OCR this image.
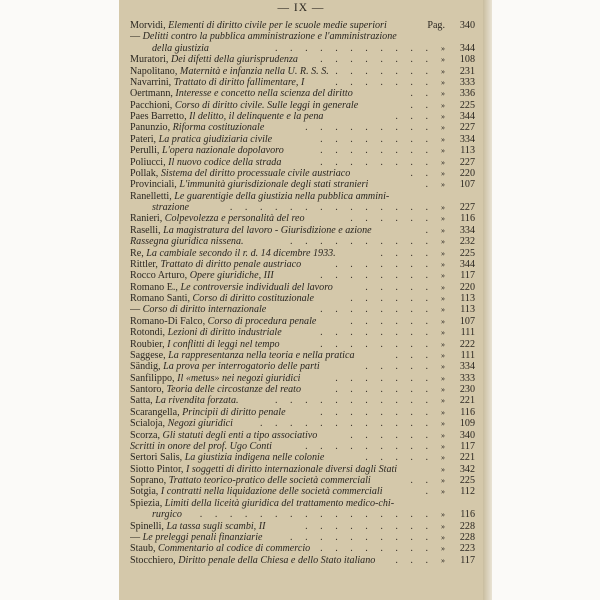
— IX —
Morvidi, Elementi di diritto civile per le scuole medie superiori	Pag.	340
— Delitti contro la pubblica amministrazione e l'amministrazione
della giustizia	. . . . . . . . . . . »	344
Muratori, Dei difetti della giurisprudenza . . . . . . . . »	108
Napolitano, Maternità e infanzia nella U. R. S. S. . . . . . . . »	231
Navarrini, Trattato di diritto fallimentare, I	. . . . . . . »	333
Oertmann, Interesse e concetto nella scienza del diritto	. . »	336
Pacchioni, Corso di diritto civile. Sulle leggi in generale	. . »	225
Paes Barretto, Il delitto, il delinquente e la pena	. . . »	344
Panunzio, Riforma costituzionale	. . . . . . . . . »	227
Pateri, La pratica giudiziaria civile	. . . . . . . . »	334
Perulli, L'opera nazionale dopolavoro	. . . . . . . . »	113
Poliucci, Il nuovo codice della strada	. . . . . . . . »	227
Pollak, Sistema del diritto processuale civile austriaco	. . »	220
Provinciali, L'immunità giurisdizionale degli stati stranieri	. »	107
Ranelletti, Le guarentigie della giustizia nella pubblica ammini-
strazione	. . . . . . . . . . . . . . »	227
Ranieri, Colpevolezza e personalità del reo	. . . . . . »	116
Raselli, La magistratura del lavoro - Giurisdizione e azione	. »	334
Rassegna giuridica nissena.	. . . . . . . . . . »	232
Re, La cambiale secondo il r. d. 14 dicembre 1933.	. . . . »	225
Rittler, Trattato di diritto penale austriaco	. . . . . . . »	344
Rocco Arturo, Opere giuridiche, III	. . . . . . . . »	117
Romano E., Le controversie individuali del lavoro	. . . . . »	220
Romano Santi, Corso di diritto costituzionale	. . . . . . »	113
— Corso di diritto internazionale	. . . . . . . . »	113
Romano-Di Falco, Corso di procedura penale	. . . . . . »	107
Rotondi, Lezioni di diritto industriale	. . . . . . . . »	111
Roubier, I conflitti di leggi nel tempo	. . . . . . . . »	222
Saggese, La rappresentanza nella teoria e nella pratica	. . . »	111
Sändig, La prova per interrogatorio delle parti	. . . . . »	334
Sanfilippo, Il «metus» nei negozi giuridici	. . . . . . . »	333
Santoro, Teoria delle circostanze del reato	. . . . . . . »	230
Satta, La rivendita forzata.	. . . . . . . . . . . »	221
Scarangella, Principii di diritto penale	. . . . . . . . »	116
Scialoja, Negozi giuridici	. . . . . . . . . . . . »	109
Scorza, Gli statuti degli enti a tipo associativo	. . . . . . »	340
Scritti in onore del prof. Ugo Conti	. . . . . . . . . »	117
Sertori Salis, La giustizia indigena nelle colonie	. . . . . »	221
Siotto Pintor, I soggetti di diritto internazionale diversi dagli Stati	»	342
Soprano, Trattato teorico-pratico delle società commerciali	. . »	225
Sotgia, I contratti nella liquidazione delle società commerciali	. »	112
Spiezia, Limiti della liceità giuridica del trattamento medico-chi-
rurgico . . . . . . . . . . . . . . . . »	116
Spinelli, La tassa sugli scambi, II	. . . . . . . . . »	228
— Le preleggi penali finanziarie	. . . . . . . . . . »	228
Staub, Commentario al codice di commercio . . . . . . . . »	223
Stocchiero, Diritto penale della Chiesa e dello Stato italiano . . . »	117
